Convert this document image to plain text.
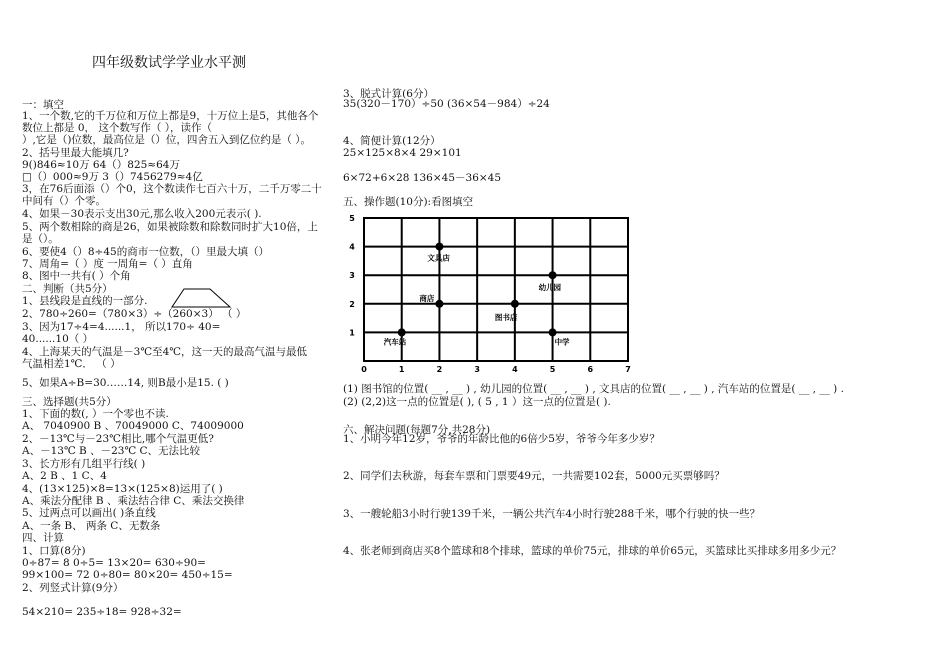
四年级数试学学业水平测
一：填空
1、一个数,它的千万位和万位上都是9，十万位上是5，其他各个
数位上都是 0， 这个数写作（ ），读作（
）,它是（)位数，最高位是（）位，四舍五入到亿位约是（ ）。
2、括号里最大能填几?
9()846≈10万 64（）825≈64万
□（）000≈9万 3（）7456279≈4亿
3，在76后面添（）个0，这个数读作七百六十万，二千万零二十
中间有（）个零。
4、如果－30表示支出30元,那么收入200元表示( ).
5、两个数相除的商是26，如果被除数和除数同时扩大10倍，上
是（）。
6、要使4（）8÷45的商市一位数，（）里最大填（）
7、周角=（ ）度 一周角=（ ）直角
8、图中一共有( ）个角
二、判断（共5分）
1、县线段是直线的一部分.
2、780÷260=（780×3）÷（260×3） （ ）
3、因为17÷4=4......1， 所以170÷ 40=
40......10（ ）
4、上海某天的气温是－3℃至4℃，这一天的最高气温与最低
气温相差1℃． （ ）
5、如果A÷B=30……14, 则B最小是15. ( )
三、选择题(共5分）
1、下面的数(, ）一个零也不读.
A、 7040900 B 、70049000 C、74009000
2、－13℃与－23℃相比,哪个气温更低?
A、－13℃ B 、－23℃ C、无法比较
3、长方形有几组平行线( )
A、2 B 、1 C、4
4、(13×125)×8=13×(125×8)运用了( )
A、乘法分配律 B 、乘法结合律 C、乘法交换律
5、过两点可以画出( )条直线
A、一条 B、 两条 C、无数条
四、计算
1、口算(8分)
0÷87= 8 0÷5= 13×20= 630÷90=
99×100= 72 0÷80= 80×20= 450÷15=
2、列竖式计算(9分）
54×210= 235÷18= 928÷32=
3、脱式计算(6分）
35(320－170）÷50 (36×54－984）÷24
4、简便计算(12分）
25×125×8×4 29×101
6×72+6×28 136×45－36×45
五、操作题(10分):看图填空
(1) 图书馆的位置( __ , __ ) , 幼儿园的位置( __ , __ ) , 文具店的位置( __ , __ ) , 汽车站的位置是( __ , __ ) .
(2) (2,2)这一点的位置是( ), ( 5 , 1 ）这一点的位置是( ).
六、解决问题(每题7分,共28分)
1、小明今年12岁，爷爷的年龄比他的6倍少5岁，爷爷今年多少岁？
2、同学们去秋游，每套车票和门票要49元，一共需要102套，5000元买票够吗？
3、一艘轮船3小时行驶139千米，一辆公共汽车4小时行驶288千米，哪个行驶的快一些？
4、张老师到商店买8个篮球和8个排球，篮球的单价75元，排球的单价65元，买篮球比买排球多用多少元？
0	1	2	3	4	5	6	7
1
2
3
4
5
文具店
商店
图书店
幼儿园
中学
汽车站
